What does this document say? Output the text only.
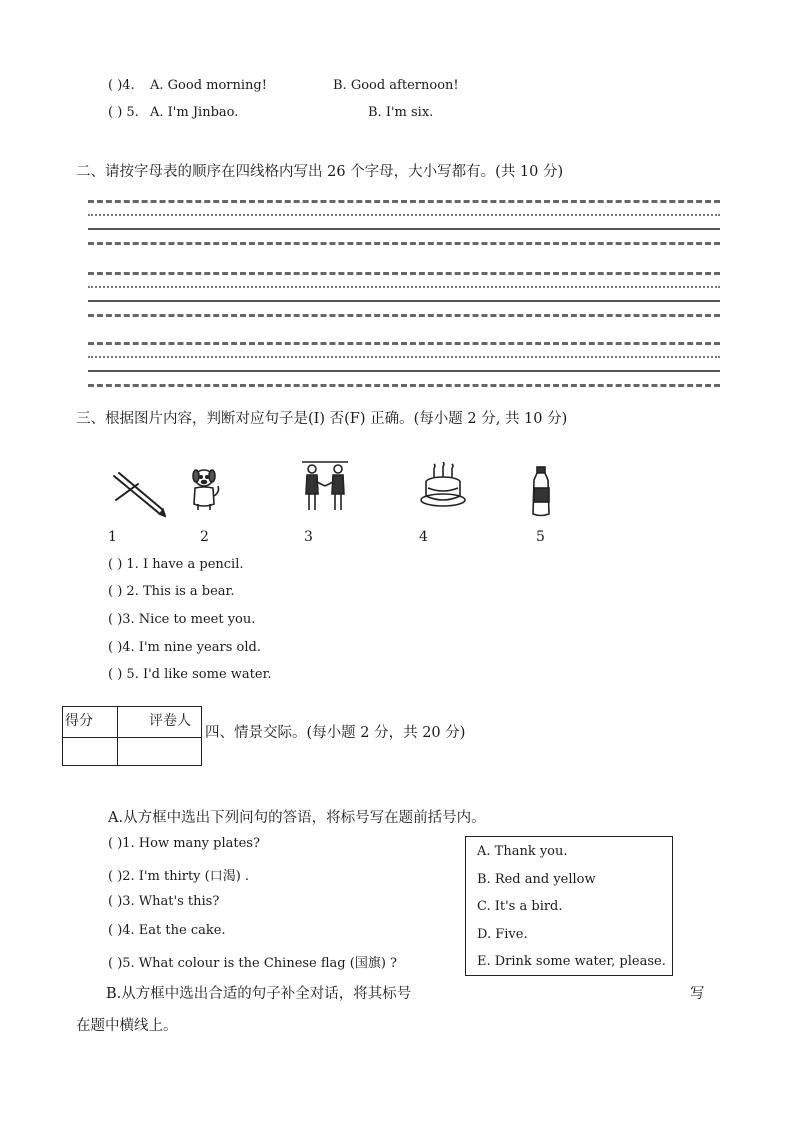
( )4. A. Good morning!	B. Good afternoon!
( ) 5. A. I'm Jinbao.	B. I'm six.
二、请按字母表的顺序在四线格内写出 26 个字母，大小写都有。(共 10 分)
三、根据图片内容，判断对应句子是(I) 否(F) 正确。(每小题 2 分, 共 10 分)
1	2	3	4	5
( ) 1. I have a pencil.
( ) 2. This is a bear.
( )3. Nice to meet you.
( )4. I'm nine years old.
( ) 5. I'd like some water.
得分	评卷人
四、情景交际。(每小题 2 分，共 20 分)
A.从方框中选出下列问句的答语，将标号写在题前括号内。
( )1. How many plates?
( )2. I'm thirty (口渴) .
( )3. What's this?
( )4. Eat the cake.
( )5. What colour is the Chinese flag (国旗) ?
A. Thank you.
B. Red and yellow
C. It's a bird.
D. Five.
E. Drink some water, please.
B.从方框中选出合适的句子补全对话，将其标号	写
在题中横线上。
